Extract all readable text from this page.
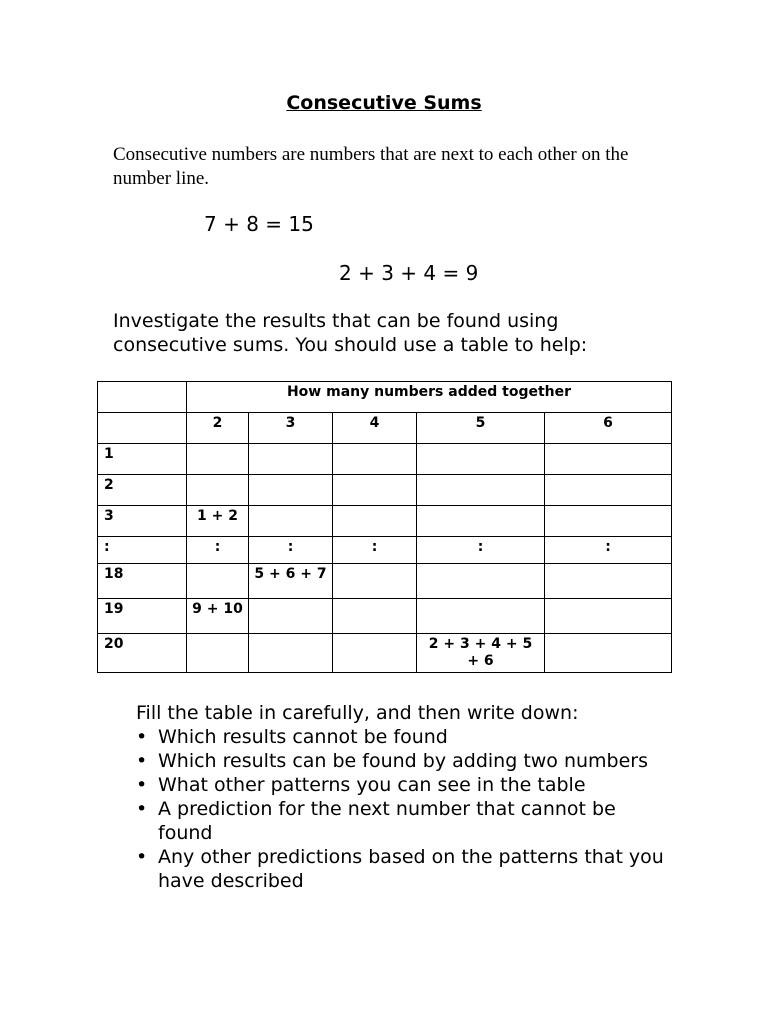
Consecutive Sums
Consecutive numbers are numbers that are next to each other on the number line.
7 + 8 = 15
2 + 3 + 4 = 9
Investigate the results that can be found using consecutive sums. You should use a table to help:
	How many numbers added together				
	2	3	4	5	6
1					
2					
3	1 + 2				
:	:	:	:	:	:
18		5 + 6 + 7			
19	9 + 10				
20				2 + 3 + 4 + 5 + 6	
Fill the table in carefully, and then write down:
• Which results cannot be found
• Which results can be found by adding two numbers
• What other patterns you can see in the table
• A prediction for the next number that cannot be found
• Any other predictions based on the patterns that you have described
